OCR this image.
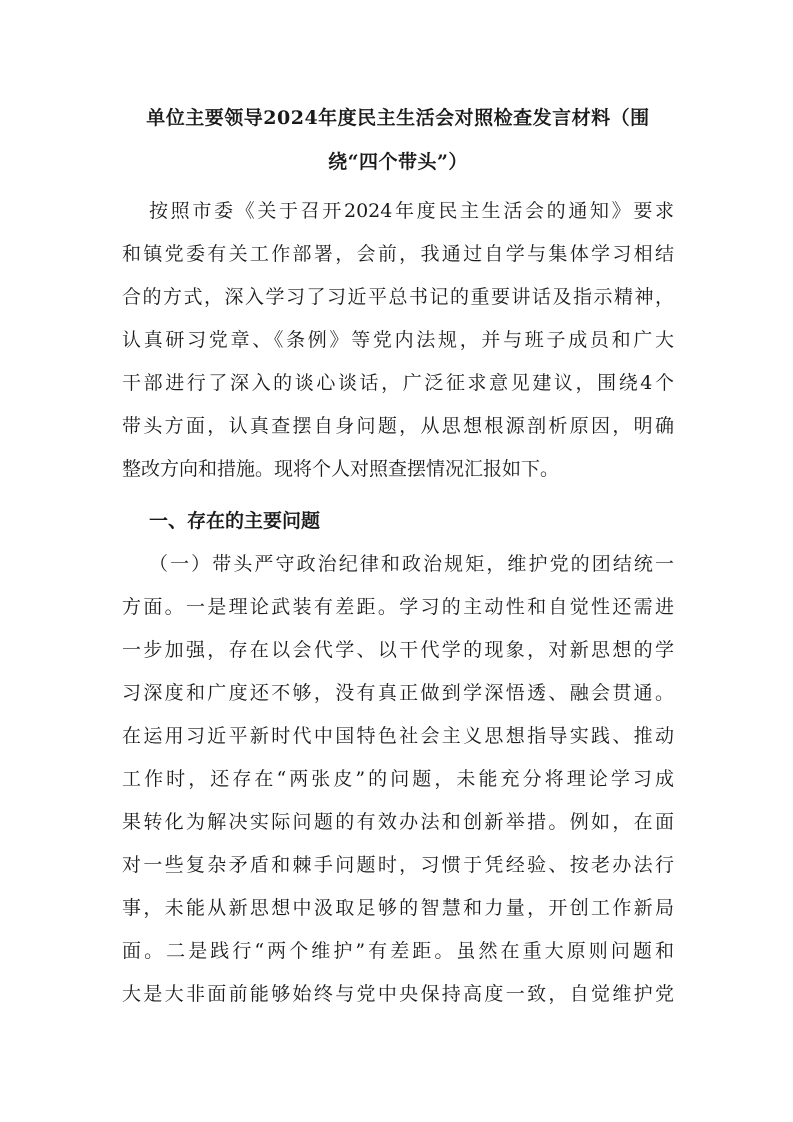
单位主要领导2024年度民主生活会对照检查发言材料（围
绕“四个带头”）

按照市委《关于召开2024年度民主生活会的通知》要求
和镇党委有关工作部署，会前，我通过自学与集体学习相结
合的方式，深入学习了习近平总书记的重要讲话及指示精神，
认真研习党章、《条例》等党内法规，并与班子成员和广大
干部进行了深入的谈心谈话，广泛征求意见建议，围绕4个
带头方面，认真查摆自身问题，从思想根源剖析原因，明确
整改方向和措施。现将个人对照查摆情况汇报如下。

一、存在的主要问题

（一）带头严守政治纪律和政治规矩，维护党的团结统一
方面。一是理论武装有差距。学习的主动性和自觉性还需进
一步加强，存在以会代学、以干代学的现象，对新思想的学
习深度和广度还不够，没有真正做到学深悟透、融会贯通。
在运用习近平新时代中国特色社会主义思想指导实践、推动
工作时，还存在“两张皮”的问题，未能充分将理论学习成
果转化为解决实际问题的有效办法和创新举措。例如，在面
对一些复杂矛盾和棘手问题时，习惯于凭经验、按老办法行
事，未能从新思想中汲取足够的智慧和力量，开创工作新局
面。二是践行“两个维护”有差距。虽然在重大原则问题和
大是大非面前能够始终与党中央保持高度一致，自觉维护党
